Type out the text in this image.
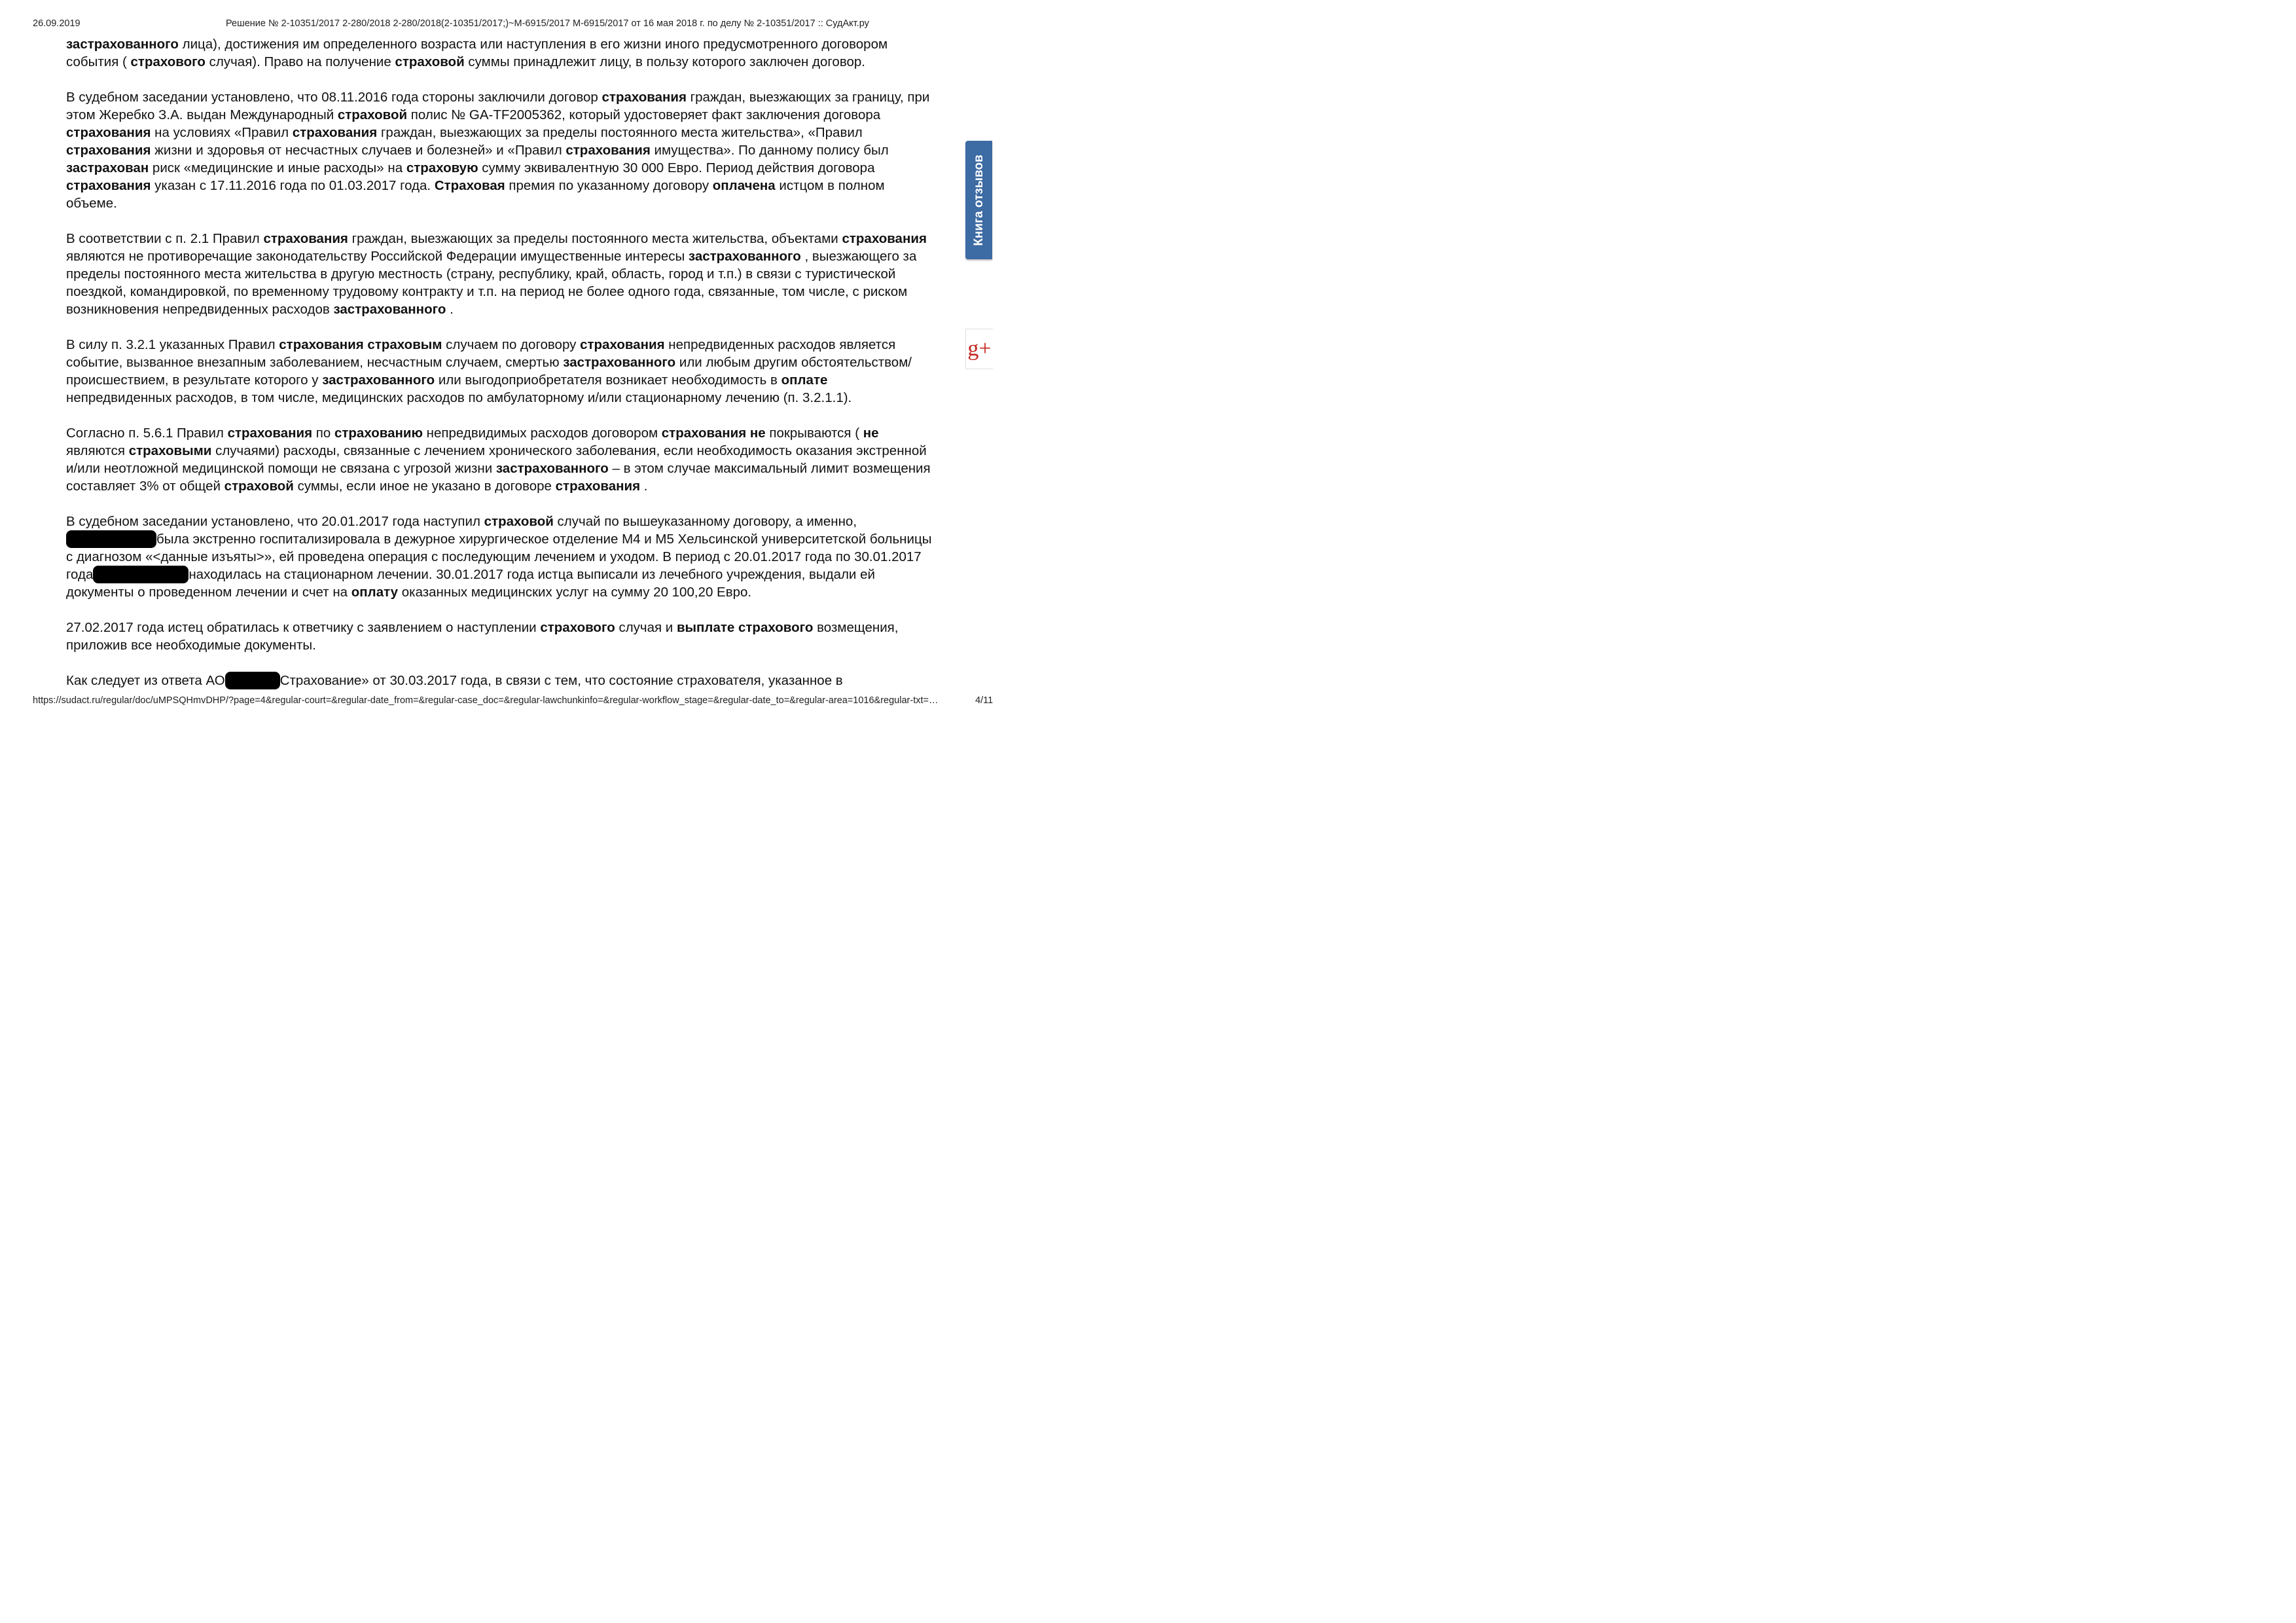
26.09.2019	Решение № 2-10351/2017 2-280/2018 2-280/2018(2-10351/2017;)~М-6915/2017 М-6915/2017 от 16 мая 2018 г. по делу № 2-10351/2017 :: СудАкт.ру

застрахованного лица), достижения им определенного возраста или наступления в его жизни иного предусмотренного договором события ( страхового случая). Право на получение страховой суммы принадлежит лицу, в пользу которого заключен договор.

В судебном заседании установлено, что 08.11.2016 года стороны заключили договор страхования граждан, выезжающих за границу, при этом Жеребко З.А. выдан Международный страховой полис № GA-TF2005362, который удостоверяет факт заключения договора страхования на условиях «Правил страхования граждан, выезжающих за пределы постоянного места жительства», «Правил страхования жизни и здоровья от несчастных случаев и болезней» и «Правил страхования имущества». По данному полису был застрахован риск «медицинские и иные расходы» на страховую сумму эквивалентную 30 000 Евро. Период действия договора страхования указан с 17.11.2016 года по 01.03.2017 года. Страховая премия по указанному договору оплачена истцом в полном объеме.

В соответствии с п. 2.1 Правил страхования граждан, выезжающих за пределы постоянного места жительства, объектами страхования являются не противоречащие законодательству Российской Федерации имущественные интересы застрахованного , выезжающего за пределы постоянного места жительства в другую местность (страну, республику, край, область, город и т.п.) в связи с туристической поездкой, командировкой, по временному трудовому контракту и т.п. на период не более одного года, связанные, том числе, с риском возникновения непредвиденных расходов застрахованного .

В силу п. 3.2.1 указанных Правил страхования страховым случаем по договору страхования непредвиденных расходов является событие, вызванное внезапным заболеванием, несчастным случаем, смертью застрахованного или любым другим обстоятельством/ происшествием, в результате которого у застрахованного или выгодоприобретателя возникает необходимость в оплате непредвиденных расходов, в том числе, медицинских расходов по амбулаторному и/или стационарному лечению (п. 3.2.1.1).

Согласно п. 5.6.1 Правил страхования по страхованию непредвидимых расходов договором страхования не покрываются ( не являются страховыми случаями) расходы, связанные с лечением хронического заболевания, если необходимость оказания экстренной и/или неотложной медицинской помощи не связана с угрозой жизни застрахованного – в этом случае максимальный лимит возмещения составляет 3% от общей страховой суммы, если иное не указано в договоре страхования .

В судебном заседании установлено, что 20.01.2017 года наступил страховой случай по вышеуказанному договору, а именно, была экстренно госпитализировала в дежурное хирургическое отделение М4 и М5 Хельсинской университетской больницы с диагнозом «<данные изъяты>», ей проведена операция с последующим лечением и уходом. В период с 20.01.2017 года по 30.01.2017 года	находилась на стационарном лечении. 30.01.2017 года истца выписали из лечебного учреждения, выдали ей документы о проведенном лечении и счет на оплату оказанных медицинских услуг на сумму 20 100,20 Евро.

27.02.2017 года истец обратилась к ответчику с заявлением о наступлении страхового случая и выплате страхового возмещения, приложив все необходимые документы.

Как следует из ответа АО	Страхование» от 30.03.2017 года, в связи с тем, что состояние страхователя, указанное в

Книга отзывов
g+
https://sudact.ru/regular/doc/uMPSQHmvDHP/?page=4&regular-court=&regular-date_from=&regular-case_doc=&regular-lawchunkinfo=&regular-workflow_stage=&regular-date_to=&regular-area=1016&regular-txt=…	4/11
